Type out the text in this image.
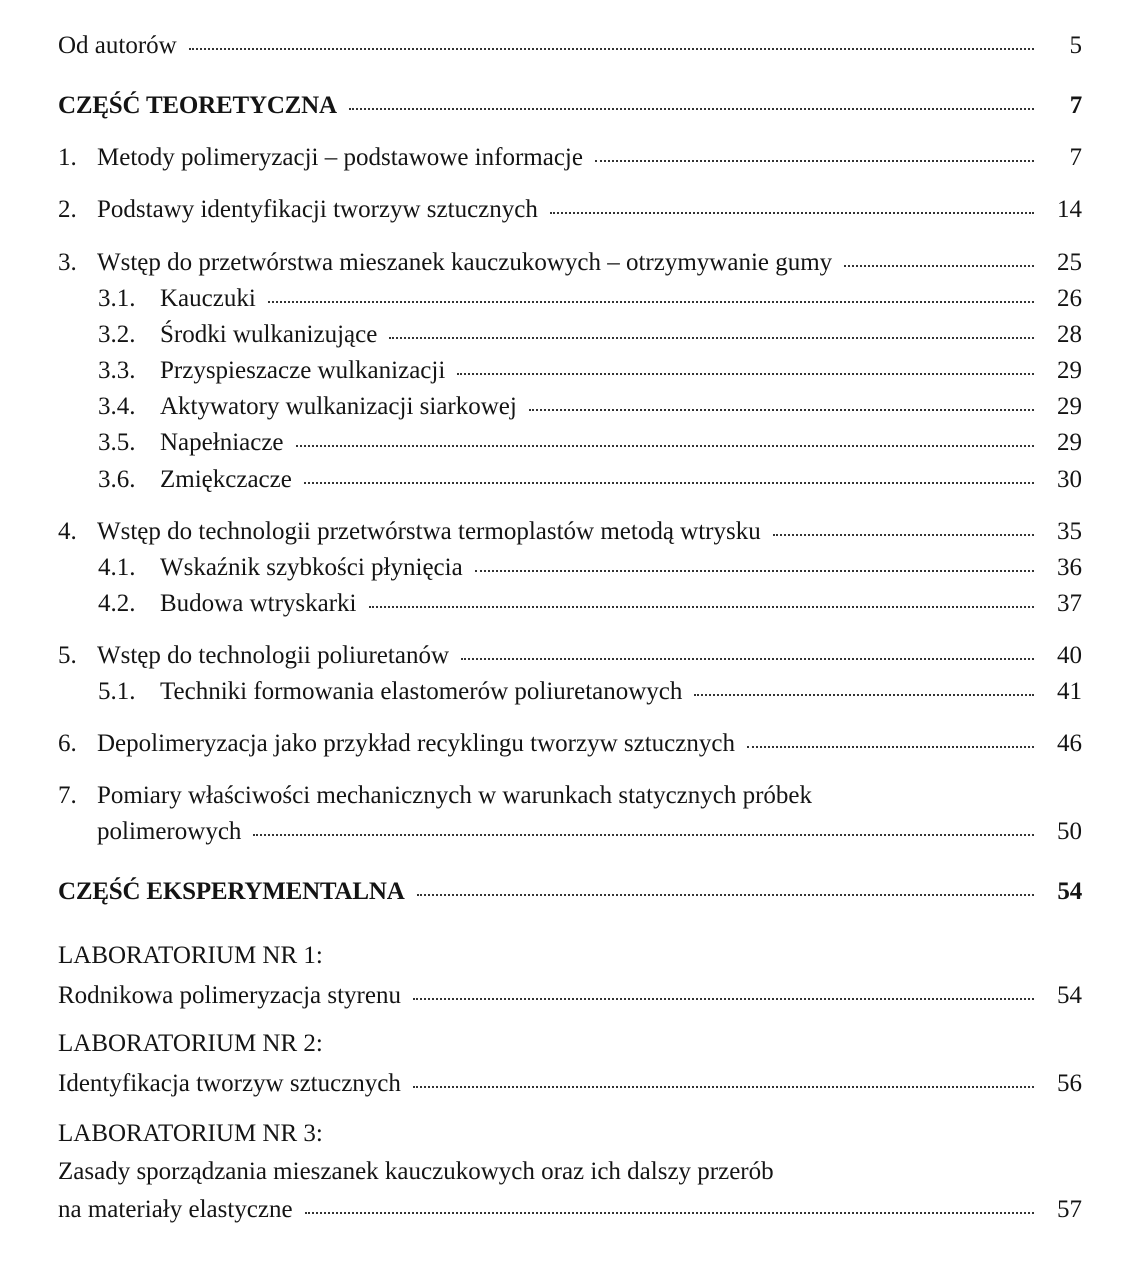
Od autorów	5
CZĘŚĆ TEORETYCZNA	7
1. Metody polimeryzacji – podstawowe informacje	7
2. Podstawy identyfikacji tworzyw sztucznych	14
3. Wstęp do przetwórstwa mieszanek kauczukowych – otrzymywanie gumy	25
3.1. Kauczuki	26
3.2. Środki wulkanizujące	28
3.3. Przyspieszacze wulkanizacji	29
3.4. Aktywatory wulkanizacji siarkowej	29
3.5. Napełniacze	29
3.6. Zmiękczacze	30
4. Wstęp do technologii przetwórstwa termoplastów metodą wtrysku	35
4.1. Wskaźnik szybkości płynięcia	36
4.2. Budowa wtryskarki	37
5. Wstęp do technologii poliuretanów	40
5.1. Techniki formowania elastomerów poliuretanowych	41
6. Depolimeryzacja jako przykład recyklingu tworzyw sztucznych	46
7. Pomiary właściwości mechanicznych w warunkach statycznych próbek
polimerowych	50
CZĘŚĆ EKSPERYMENTALNA	54
LABORATORIUM NR 1:
Rodnikowa polimeryzacja styrenu	54
LABORATORIUM NR 2:
Identyfikacja tworzyw sztucznych	56
LABORATORIUM NR 3:
Zasady sporządzania mieszanek kauczukowych oraz ich dalszy przerób
na materiały elastyczne	57
